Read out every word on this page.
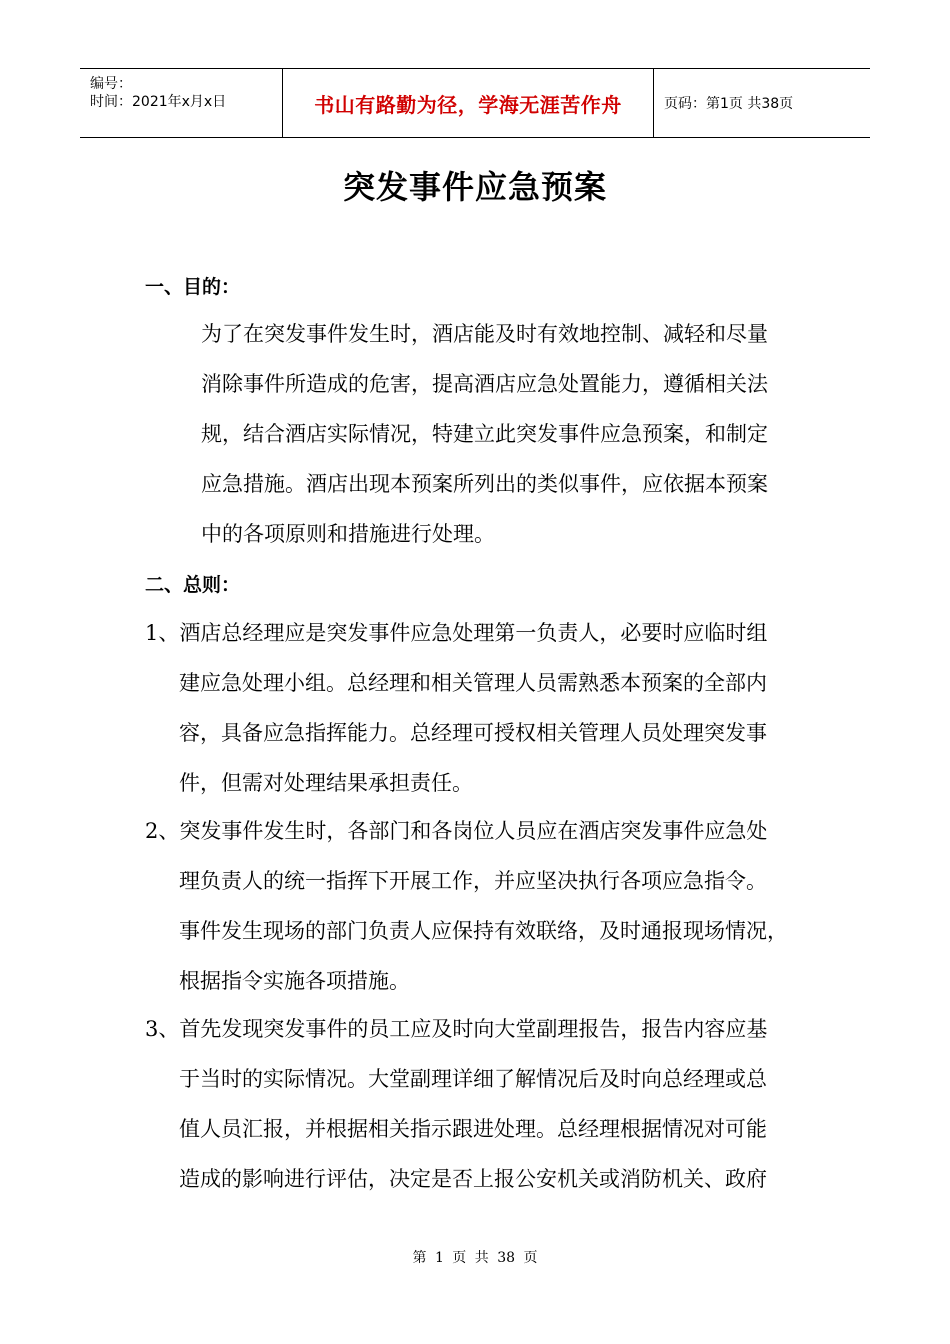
编号：
时间：2021年x月x日	书山有路勤为径，学海无涯苦作舟	页码：第1页 共38页
突发事件应急预案
一、目的：
为了在突发事件发生时，酒店能及时有效地控制、减轻和尽量
消除事件所造成的危害，提高酒店应急处置能力，遵循相关法
规，结合酒店实际情况，特建立此突发事件应急预案，和制定
应急措施。酒店出现本预案所列出的类似事件，应依据本预案
中的各项原则和措施进行处理。
二、总则：
1、酒店总经理应是突发事件应急处理第一负责人，必要时应临时组
建应急处理小组。总经理和相关管理人员需熟悉本预案的全部内
容，具备应急指挥能力。总经理可授权相关管理人员处理突发事
件，但需对处理结果承担责任。
2、突发事件发生时，各部门和各岗位人员应在酒店突发事件应急处
理负责人的统一指挥下开展工作，并应坚决执行各项应急指令。
事件发生现场的部门负责人应保持有效联络，及时通报现场情况，
根据指令实施各项措施。
3、首先发现突发事件的员工应及时向大堂副理报告，报告内容应基
于当时的实际情况。大堂副理详细了解情况后及时向总经理或总
值人员汇报，并根据相关指示跟进处理。总经理根据情况对可能
造成的影响进行评估，决定是否上报公安机关或消防机关、政府
第 1 页 共 38 页
